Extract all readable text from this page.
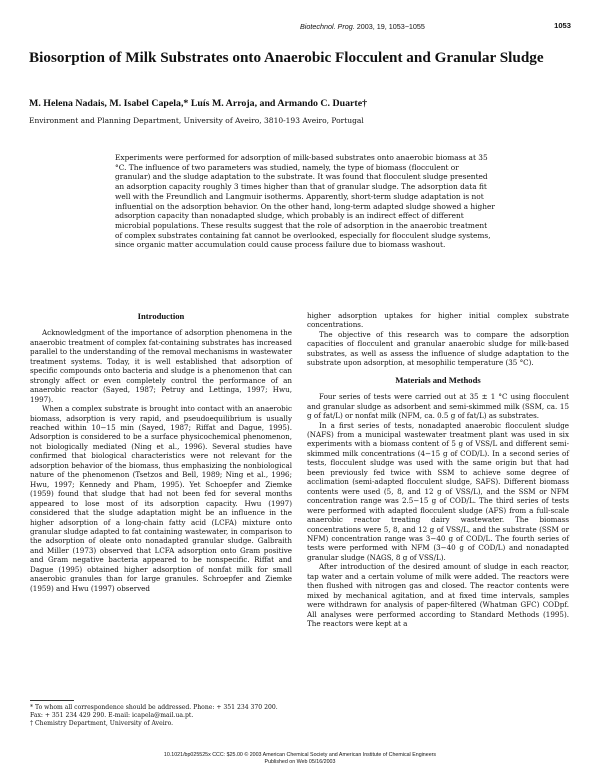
Biotechnol. Prog. 2003, 19, 1053−1055	1053
Biosorption of Milk Substrates onto Anaerobic Flocculent and Granular Sludge
M. Helena Nadais, M. Isabel Capela,* Luís M. Arroja, and Armando C. Duarte†
Environment and Planning Department, University of Aveiro, 3810-193 Aveiro, Portugal
Experiments were performed for adsorption of milk-based substrates onto anaerobic biomass at 35 °C. The influence of two parameters was studied, namely, the type of biomass (flocculent or granular) and the sludge adaptation to the substrate. It was found that flocculent sludge presented an adsorption capacity roughly 3 times higher than that of granular sludge. The adsorption data fit well with the Freundlich and Langmuir isotherms. Apparently, short-term sludge adaptation is not influential on the adsorption behavior. On the other hand, long-term adapted sludge showed a higher adsorption capacity than nonadapted sludge, which probably is an indirect effect of different microbial populations. These results suggest that the role of adsorption in the anaerobic treatment of complex substrates containing fat cannot be overlooked, especially for flocculent sludge systems, since organic matter accumulation could cause process failure due to biomass washout.
Introduction

Acknowledgment of the importance of adsorption phenomena in the anaerobic treatment of complex fat-containing substrates has increased parallel to the understanding of the removal mechanisms in wastewater treatment systems. Today, it is well established that adsorption of specific compounds onto bacteria and sludge is a phenomenon that can strongly affect or even completely control the performance of an anaerobic reactor (Sayed, 1987; Petruy and Lettinga, 1997; Hwu, 1997).

When a complex substrate is brought into contact with an anaerobic biomass, adsorption is very rapid, and pseudoequilibrium is usually reached within 10−15 min (Sayed, 1987; Riffat and Dague, 1995). Adsorption is considered to be a surface physicochemical phenomenon, not biologically mediated (Ning et al., 1996). Several studies have confirmed that biological characteristics were not relevant for the adsorption behavior of the biomass, thus emphasizing the nonbiological nature of the phenomenon (Tsetzos and Bell, 1989; Ning et al., 1996; Hwu, 1997; Kennedy and Pham, 1995). Yet Schoepfer and Ziemke (1959) found that sludge that had not been fed for several months appeared to lose most of its adsorption capacity. Hwu (1997) considered that the sludge adaptation might be an influence in the higher adsorption of a long-chain fatty acid (LCFA) mixture onto granular sludge adapted to fat containing wastewater, in comparison to the adsorption of oleate onto nonadapted granular sludge. Galbraith and Miller (1973) observed that LCFA adsorption onto Gram positive and Gram negative bacteria appeared to be nonspecific. Riffat and Dague (1995) obtained higher adsorption of nonfat milk for small anaerobic granules than for large granules. Schroepfer and Ziemke (1959) and Hwu (1997) observed

higher adsorption uptakes for higher initial complex substrate concentrations.

The objective of this research was to compare the adsorption capacities of flocculent and granular anaerobic sludge for milk-based substrates, as well as assess the influence of sludge adaptation to the substrate upon adsorption, at mesophilic temperature (35 °C).

Materials and Methods

Four series of tests were carried out at 35 ± 1 °C using flocculent and granular sludge as adsorbent and semi-skimmed milk (SSM, ca. 15 g of fat/L) or nonfat milk (NFM, ca. 0.5 g of fat/L) as substrates.

In a first series of tests, nonadapted anaerobic flocculent sludge (NAFS) from a municipal wastewater treatment plant was used in six experiments with a biomass content of 5 g of VSS/L and different semi-skimmed milk concentrations (4−15 g of COD/L). In a second series of tests, flocculent sludge was used with the same origin but that had been previously fed twice with SSM to achieve some degree of acclimation (semi-adapted flocculent sludge, SAFS). Different biomass contents were used (5, 8, and 12 g of VSS/L), and the SSM or NFM concentration range was 2.5−15 g of COD/L. The third series of tests were performed with adapted flocculent sludge (AFS) from a full-scale anaerobic reactor treating dairy wastewater. The biomass concentrations were 5, 8, and 12 g of VSS/L, and the substrate (SSM or NFM) concentration range was 3−40 g of COD/L. The fourth series of tests were performed with NFM (3−40 g of COD/L) and nonadapted granular sludge (NAGS, 8 g of VSS/L).

After introduction of the desired amount of sludge in each reactor, tap water and a certain volume of milk were added. The reactors were then flushed with nitrogen gas and closed. The reactor contents were mixed by mechanical agitation, and at fixed time intervals, samples were withdrawn for analysis of paper-filtered (Whatman GFC) CODpf. All analyses were performed according to Standard Methods (1995). The reactors were kept at a

* To whom all correspondence should be addressed. Phone: + 351 234 370 200. Fax: + 351 234 429 290. E-mail: icapela@mail.ua.pt.

† Chemistry Department, University of Aveiro.

10.1021/bp025525x CCC: $25.00 © 2003 American Chemical Society and American Institute of Chemical Engineers
Published on Web 05/16/2003
